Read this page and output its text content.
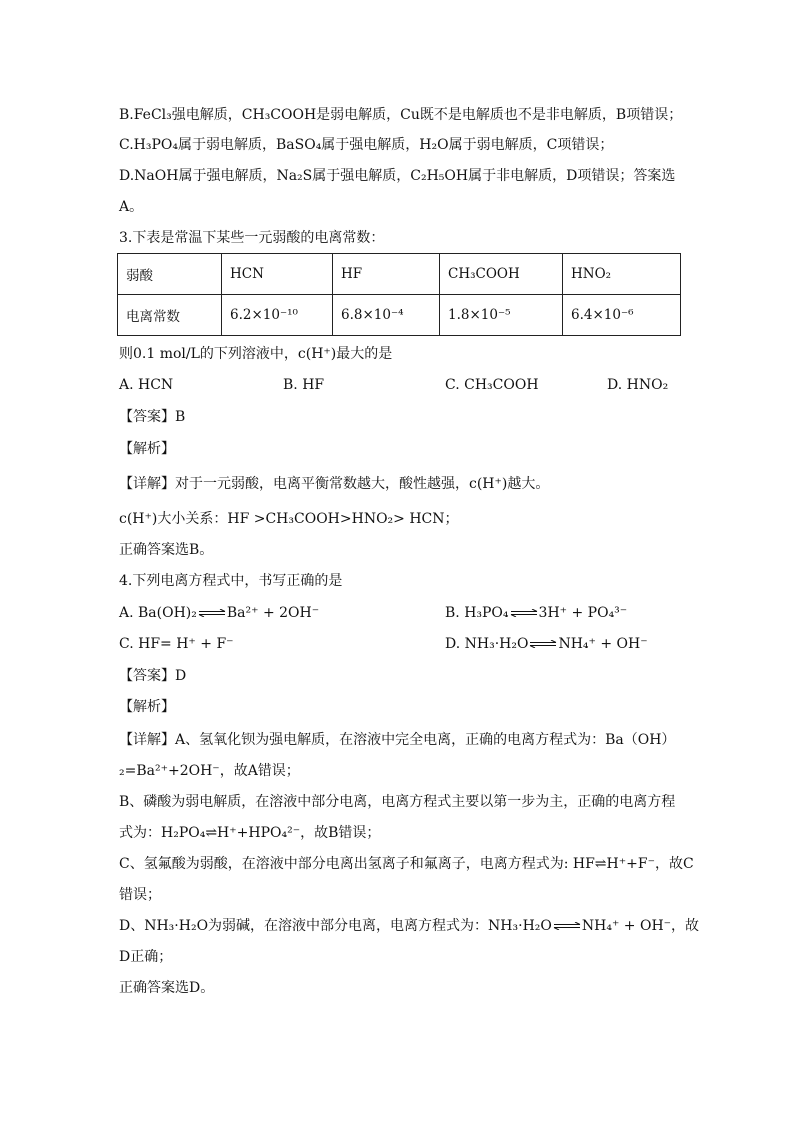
B.FeCl₃强电解质，CH₃COOH是弱电解质，Cu既不是电解质也不是非电解质，B项错误；
C.H₃PO₄属于弱电解质，BaSO₄属于强电解质，H₂O属于弱电解质，C项错误；
D.NaOH属于强电解质，Na₂S属于强电解质，C₂H₅OH属于非电解质，D项错误；答案选
A。
3.下表是常温下某些一元弱酸的电离常数：
弱酸	HCN	HF	CH₃COOH	HNO₂
电离常数	6.2×10⁻¹⁰	6.8×10⁻⁴	1.8×10⁻⁵	6.4×10⁻⁶
则0.1 mol/L的下列溶液中，c(H⁺)最大的是
A. HCN	B. HF	C. CH₃COOH	D. HNO₂
【答案】B
【解析】
【详解】对于一元弱酸，电离平衡常数越大，酸性越强，c(H⁺)越大。
c(H⁺)大小关系：HF >CH₃COOH>HNO₂> HCN；
正确答案选B。
4.下列电离方程式中，书写正确的是
A. Ba(OH)₂⇌Ba²⁺ + 2OH⁻	B. H₃PO₄⇌3H⁺ + PO₄³⁻
C. HF= H⁺ + F⁻	D. NH₃·H₂O⇌NH₄⁺ + OH⁻
【答案】D
【解析】
【详解】A、氢氧化钡为强电解质，在溶液中完全电离，正确的电离方程式为：Ba（OH）
₂=Ba²⁺+2OH⁻，故A错误；
B、磷酸为弱电解质，在溶液中部分电离，电离方程式主要以第一步为主，正确的电离方程
式为：H₂PO₄⇌H⁺+HPO₄²⁻，故B错误；
C、氢氟酸为弱酸，在溶液中部分电离出氢离子和氟离子，电离方程式为: HF⇌H⁺+F⁻，故C
错误；
D、NH₃·H₂O为弱碱，在溶液中部分电离，电离方程式为：NH₃·H₂O⇌NH₄⁺ + OH⁻，故
D正确；
正确答案选D。
